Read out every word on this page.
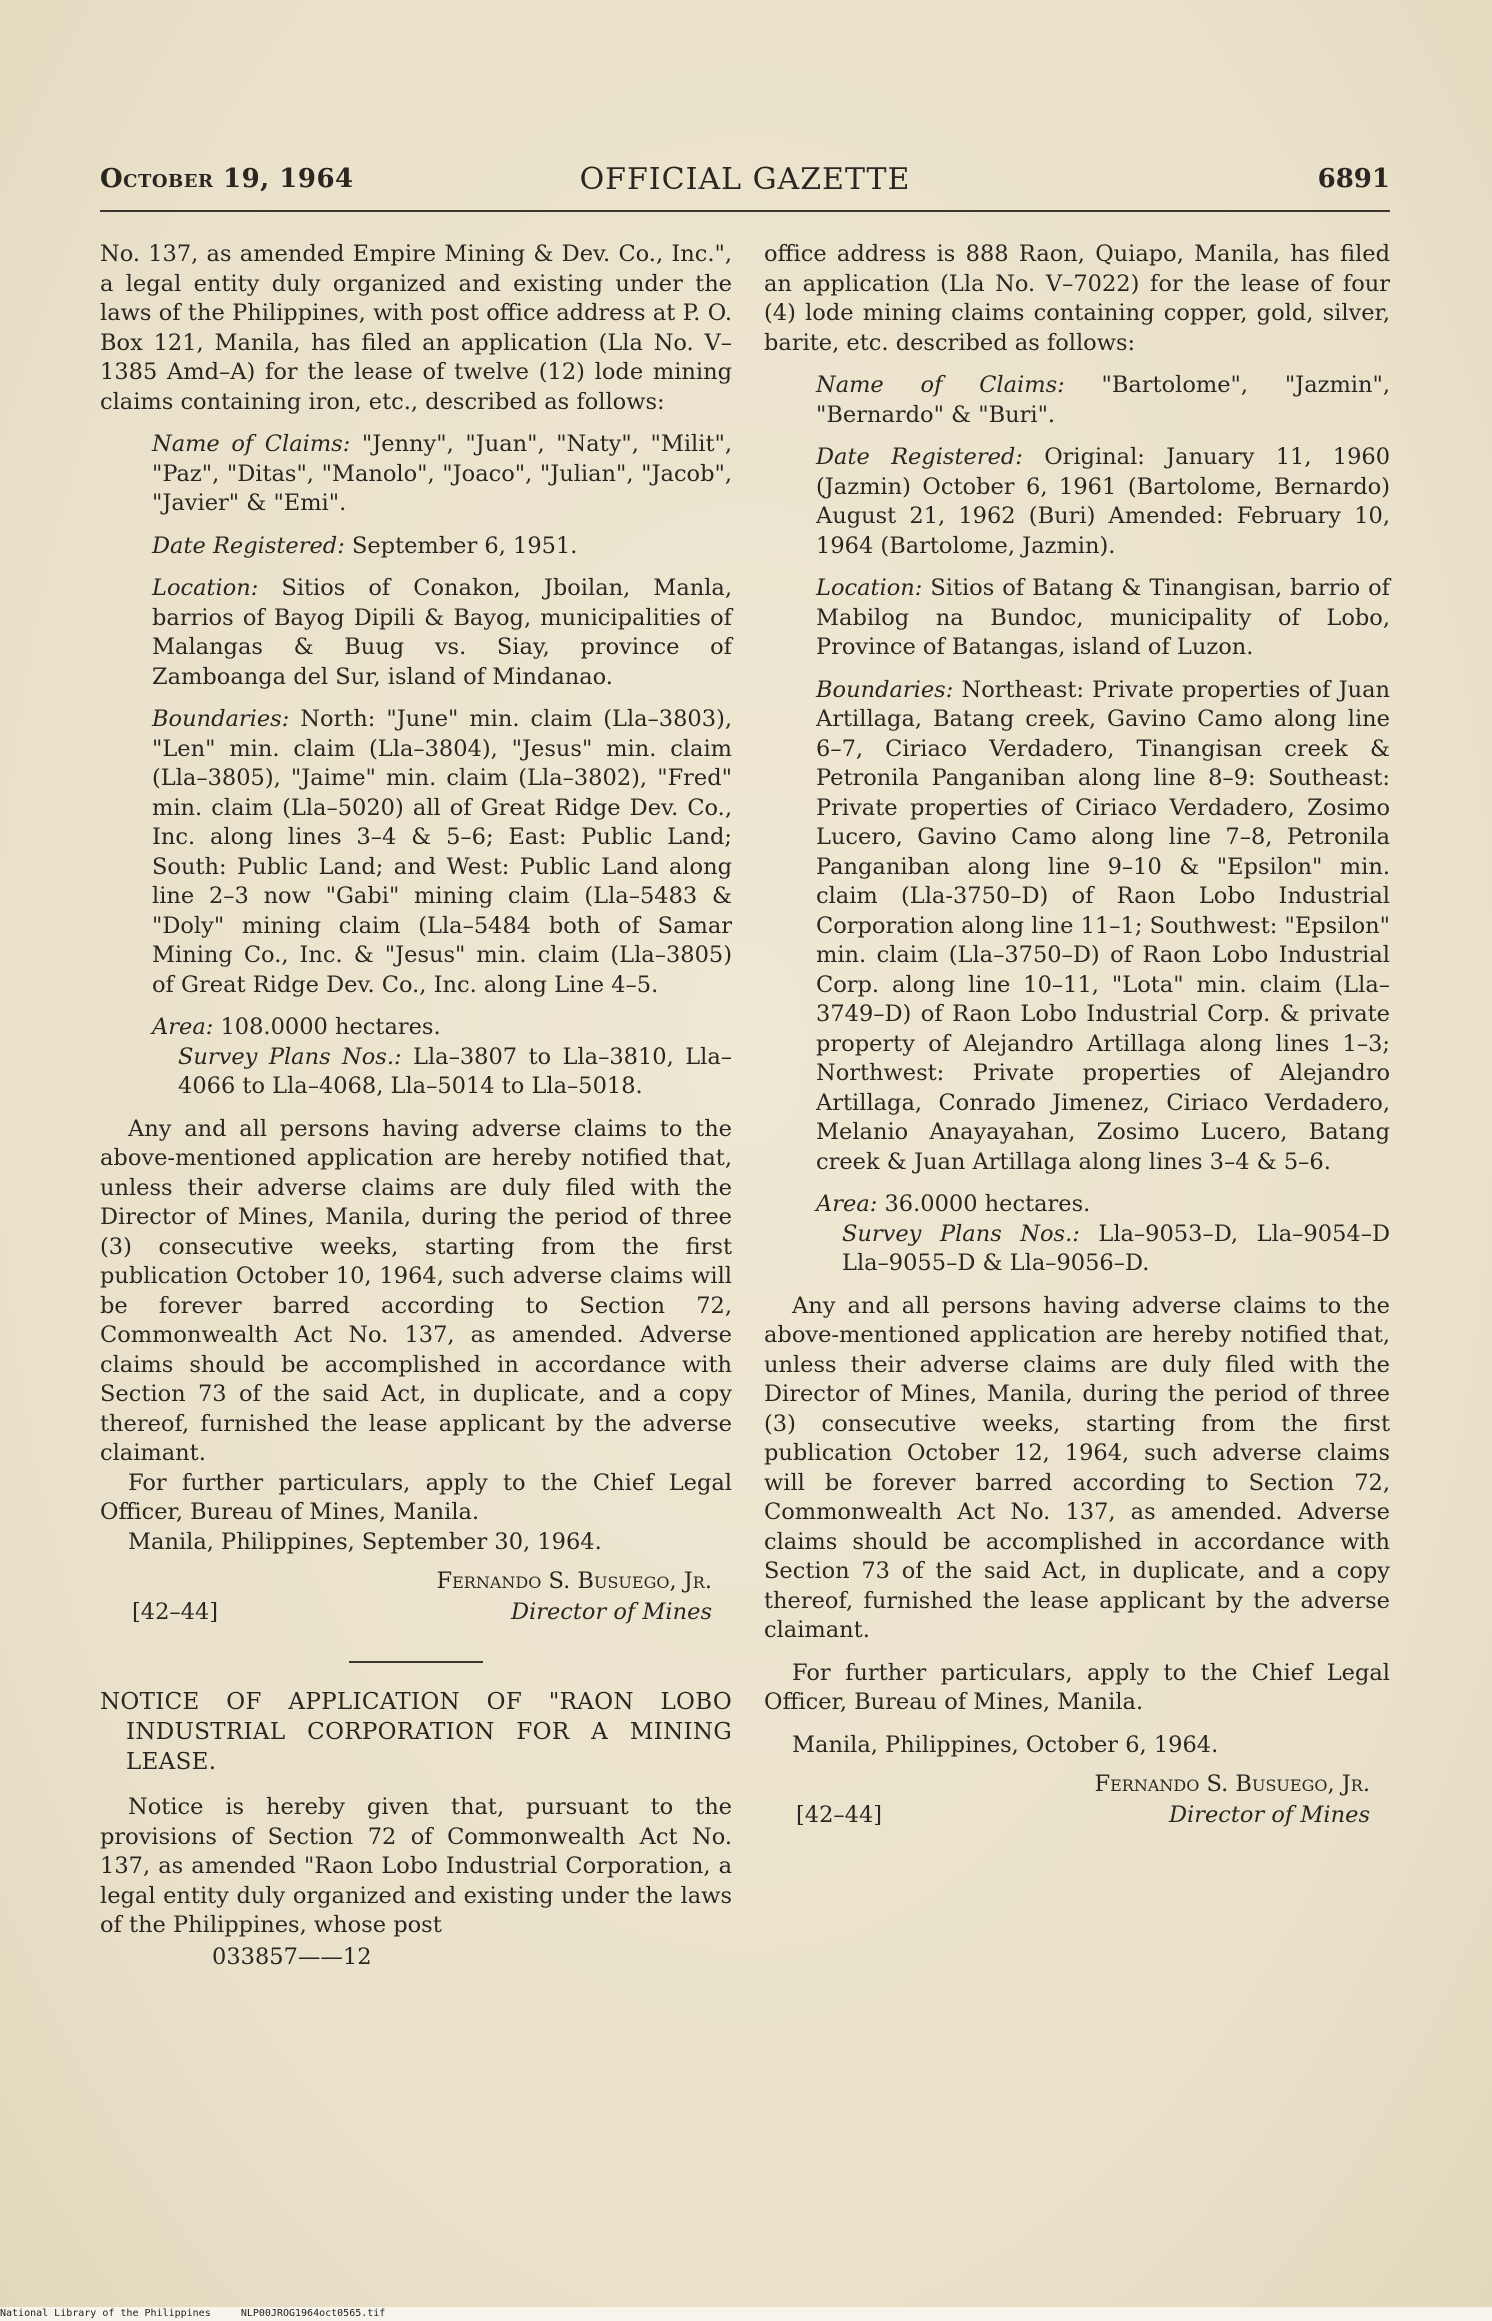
October 19, 1964	OFFICIAL GAZETTE	6891

No. 137, as amended Empire Mining & Dev. Co., Inc.", a legal entity duly organized and existing under the laws of the Philippines, with post office address at P. O. Box 121, Manila, has filed an application (Lla No. V–1385 Amd–A) for the lease of twelve (12) lode mining claims containing iron, etc., described as follows:

Name of Claims: "Jenny", "Juan", "Naty", "Milit", "Paz", "Ditas", "Manolo", "Joaco", "Julian", "Jacob", "Javier" & "Emi".

Date Registered: September 6, 1951.

Location: Sitios of Conakon, Jboilan, Manla, barrios of Bayog Dipili & Bayog, municipalities of Malangas & Buug vs. Siay, province of Zamboanga del Sur, island of Mindanao.

Boundaries: North: "June" min. claim (Lla–3803), "Len" min. claim (Lla–3804), "Jesus" min. claim (Lla–3805), "Jaime" min. claim (Lla–3802), "Fred" min. claim (Lla–5020) all of Great Ridge Dev. Co., Inc. along lines 3–4 & 5–6; East: Public Land; South: Public Land; and West: Public Land along line 2–3 now "Gabi" mining claim (Lla–5483 & "Doly" mining claim (Lla–5484 both of Samar Mining Co., Inc. & "Jesus" min. claim (Lla–3805) of Great Ridge Dev. Co., Inc. along Line 4–5.

Area: 108.0000 hectares.

Survey Plans Nos.: Lla–3807 to Lla–3810, Lla–4066 to Lla–4068, Lla–5014 to Lla–5018.

Any and all persons having adverse claims to the above-mentioned application are hereby notified that, unless their adverse claims are duly filed with the Director of Mines, Manila, during the period of three (3) consecutive weeks, starting from the first publication October 10, 1964, such adverse claims will be forever barred according to Section 72, Commonwealth Act No. 137, as amended. Adverse claims should be accomplished in accordance with Section 73 of the said Act, in duplicate, and a copy thereof, furnished the lease applicant by the adverse claimant.

For further particulars, apply to the Chief Legal Officer, Bureau of Mines, Manila.

Manila, Philippines, September 30, 1964.

Fernando S. Busuego, Jr.
[42–44]	Director of Mines

NOTICE OF APPLICATION OF "RAON LOBO INDUSTRIAL CORPORATION FOR A MINING LEASE.

Notice is hereby given that, pursuant to the provisions of Section 72 of Commonwealth Act No. 137, as amended "Raon Lobo Industrial Corporation, a legal entity duly organized and existing under the laws of the Philippines, whose post

033857——12

office address is 888 Raon, Quiapo, Manila, has filed an application (Lla No. V–7022) for the lease of four (4) lode mining claims containing copper, gold, silver, barite, etc. described as follows:

Name of Claims: "Bartolome", "Jazmin", "Bernardo" & "Buri".

Date Registered: Original: January 11, 1960 (Jazmin) October 6, 1961 (Bartolome, Bernardo) August 21, 1962 (Buri) Amended: February 10, 1964 (Bartolome, Jazmin).

Location: Sitios of Batang & Tinangisan, barrio of Mabilog na Bundoc, municipality of Lobo, Province of Batangas, island of Luzon.

Boundaries: Northeast: Private properties of Juan Artillaga, Batang creek, Gavino Camo along line 6–7, Ciriaco Verdadero, Tinangisan creek & Petronila Panganiban along line 8–9: Southeast: Private properties of Ciriaco Verdadero, Zosimo Lucero, Gavino Camo along line 7–8, Petronila Panganiban along line 9–10 & "Epsilon" min. claim (Lla-3750–D) of Raon Lobo Industrial Corporation along line 11–1; Southwest: "Epsilon" min. claim (Lla–3750–D) of Raon Lobo Industrial Corp. along line 10–11, "Lota" min. claim (Lla–3749–D) of Raon Lobo Industrial Corp. & private property of Alejandro Artillaga along lines 1–3; Northwest: Private properties of Alejandro Artillaga, Conrado Jimenez, Ciriaco Verdadero, Melanio Anayayahan, Zosimo Lucero, Batang creek & Juan Artillaga along lines 3–4 & 5–6.

Area: 36.0000 hectares.

Survey Plans Nos.: Lla–9053–D, Lla–9054–D Lla–9055–D & Lla–9056–D.

Any and all persons having adverse claims to the above-mentioned application are hereby notified that, unless their adverse claims are duly filed with the Director of Mines, Manila, during the period of three (3) consecutive weeks, starting from the first publication October 12, 1964, such adverse claims will be forever barred according to Section 72, Commonwealth Act No. 137, as amended. Adverse claims should be accomplished in accordance with Section 73 of the said Act, in duplicate, and a copy thereof, furnished the lease applicant by the adverse claimant.

For further particulars, apply to the Chief Legal Officer, Bureau of Mines, Manila.

Manila, Philippines, October 6, 1964.

Fernando S. Busuego, Jr.
[42–44]	Director of Mines
National Library of the Philippines     NLP00JROG1964oct0565.tif
